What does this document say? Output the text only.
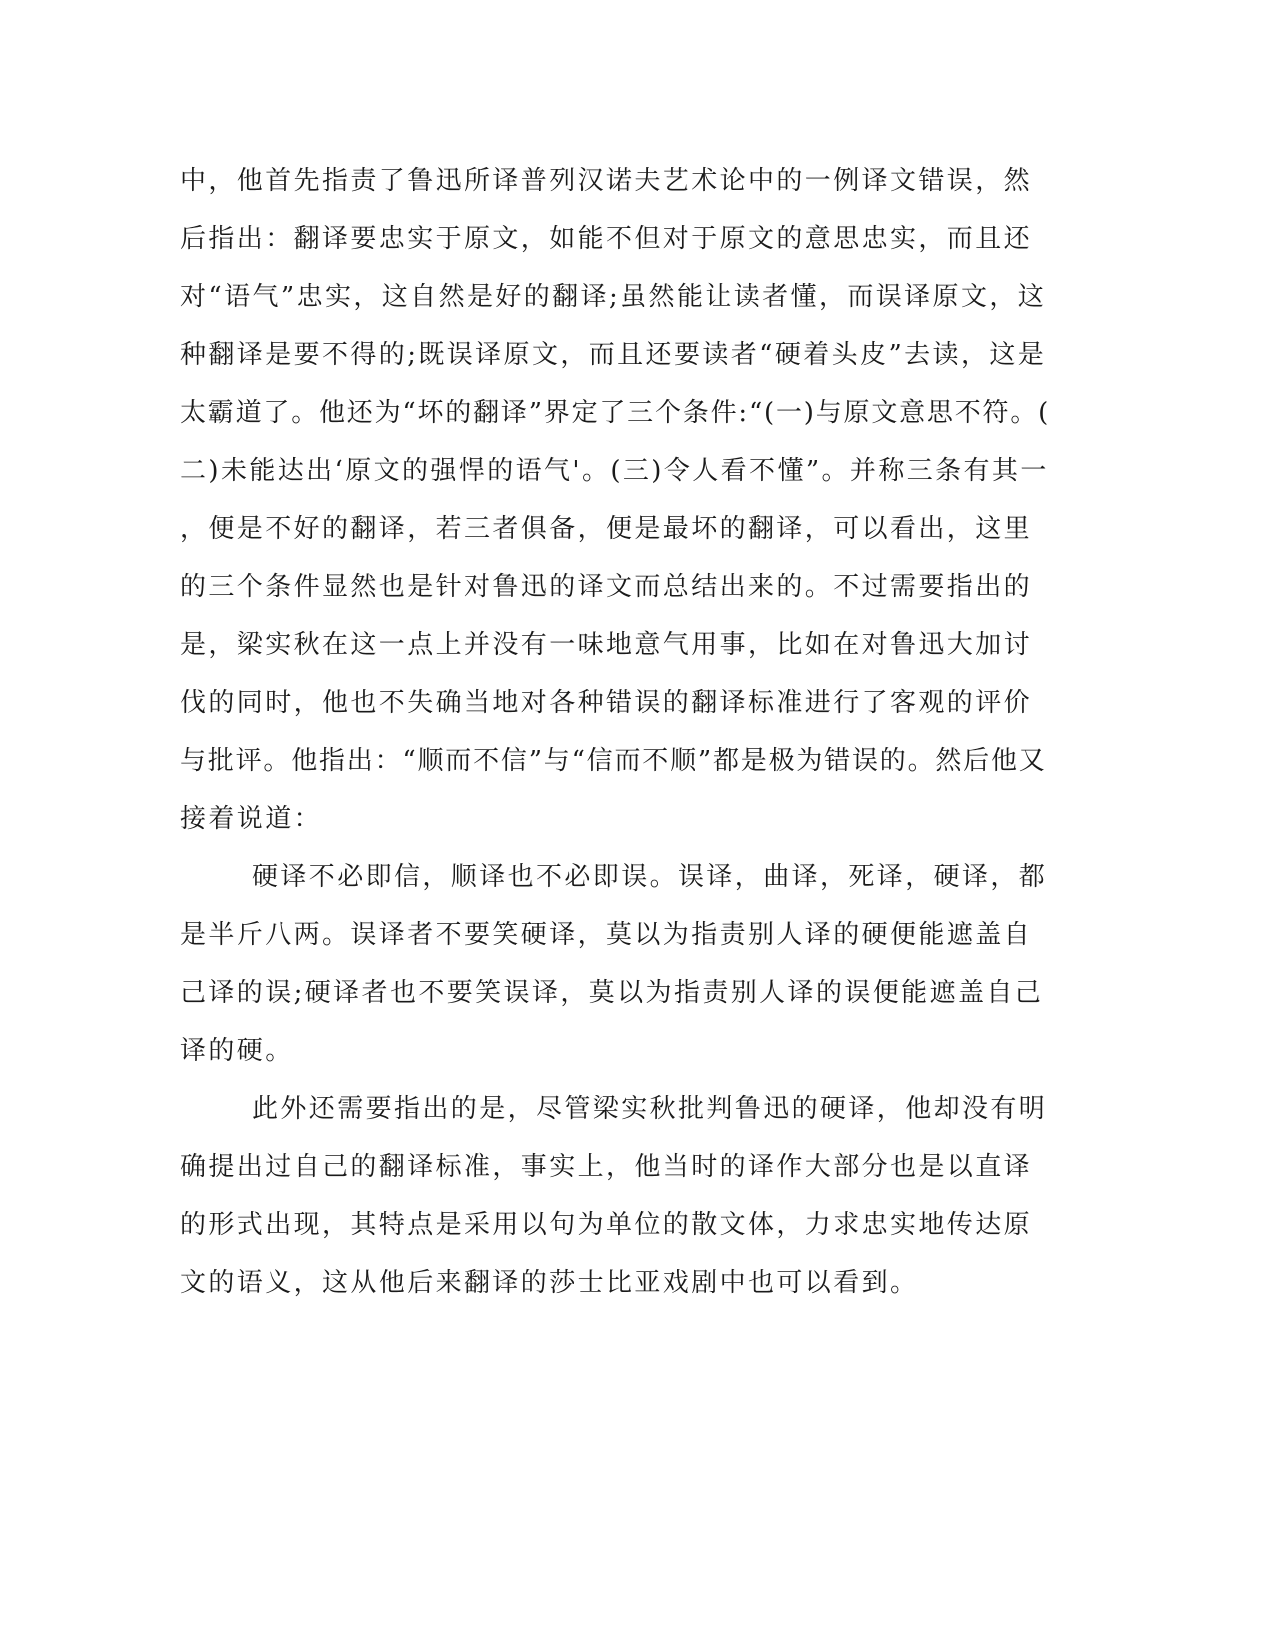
中，他首先指责了鲁迅所译普列汉诺夫艺术论中的一例译文错误，然
后指出：翻译要忠实于原文，如能不但对于原文的意思忠实，而且还
对“语气”忠实，这自然是好的翻译;虽然能让读者懂，而误译原文，这
种翻译是要不得的;既误译原文，而且还要读者“硬着头皮”去读，这是
太霸道了。他还为“坏的翻译”界定了三个条件:“(一)与原文意思不符。(
二)未能达出‘原文的强悍的语气'。(三)令人看不懂”。并称三条有其一
，便是不好的翻译，若三者俱备，便是最坏的翻译，可以看出，这里
的三个条件显然也是针对鲁迅的译文而总结出来的。不过需要指出的
是，梁实秋在这一点上并没有一味地意气用事，比如在对鲁迅大加讨
伐的同时，他也不失确当地对各种错误的翻译标准进行了客观的评价
与批评。他指出：“顺而不信”与“信而不顺”都是极为错误的。然后他又
接着说道：
硬译不必即信，顺译也不必即误。误译，曲译，死译，硬译，都
是半斤八两。误译者不要笑硬译，莫以为指责别人译的硬便能遮盖自
己译的误;硬译者也不要笑误译，莫以为指责别人译的误便能遮盖自己
译的硬。
此外还需要指出的是，尽管梁实秋批判鲁迅的硬译，他却没有明
确提出过自己的翻译标准，事实上，他当时的译作大部分也是以直译
的形式出现，其特点是采用以句为单位的散文体，力求忠实地传达原
文的语义，这从他后来翻译的莎士比亚戏剧中也可以看到。
